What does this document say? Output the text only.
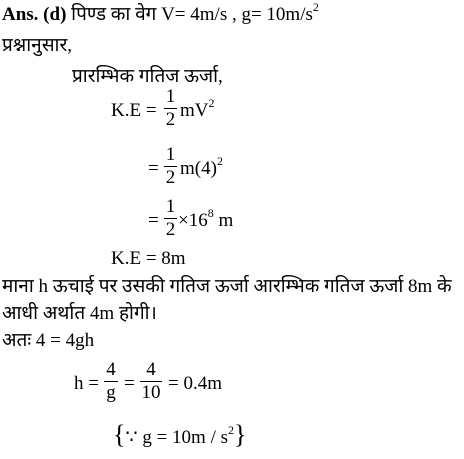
Ans. (d) पिण्ड का वेग V= 4m/s , $g= 10m/s^2$
प्रश्नानुसार,
प्रारम्भिक गतिज ऊर्जा,
K.E =
1
2 $mV^2$
=
1
2 $m(4)^2$
=
1
$2 \times 16^8$ m
K.E = 8m
माना h ऊचाई पर उसकी गतिज ऊर्जा आरम्भिक गतिज ऊर्जा 8m के
आधी अर्थात 4m होगी।
अतः 4 = 4gh
h =
4
g =
4
10 = 0.4m
{∵ $g = 10m / s^2$}
